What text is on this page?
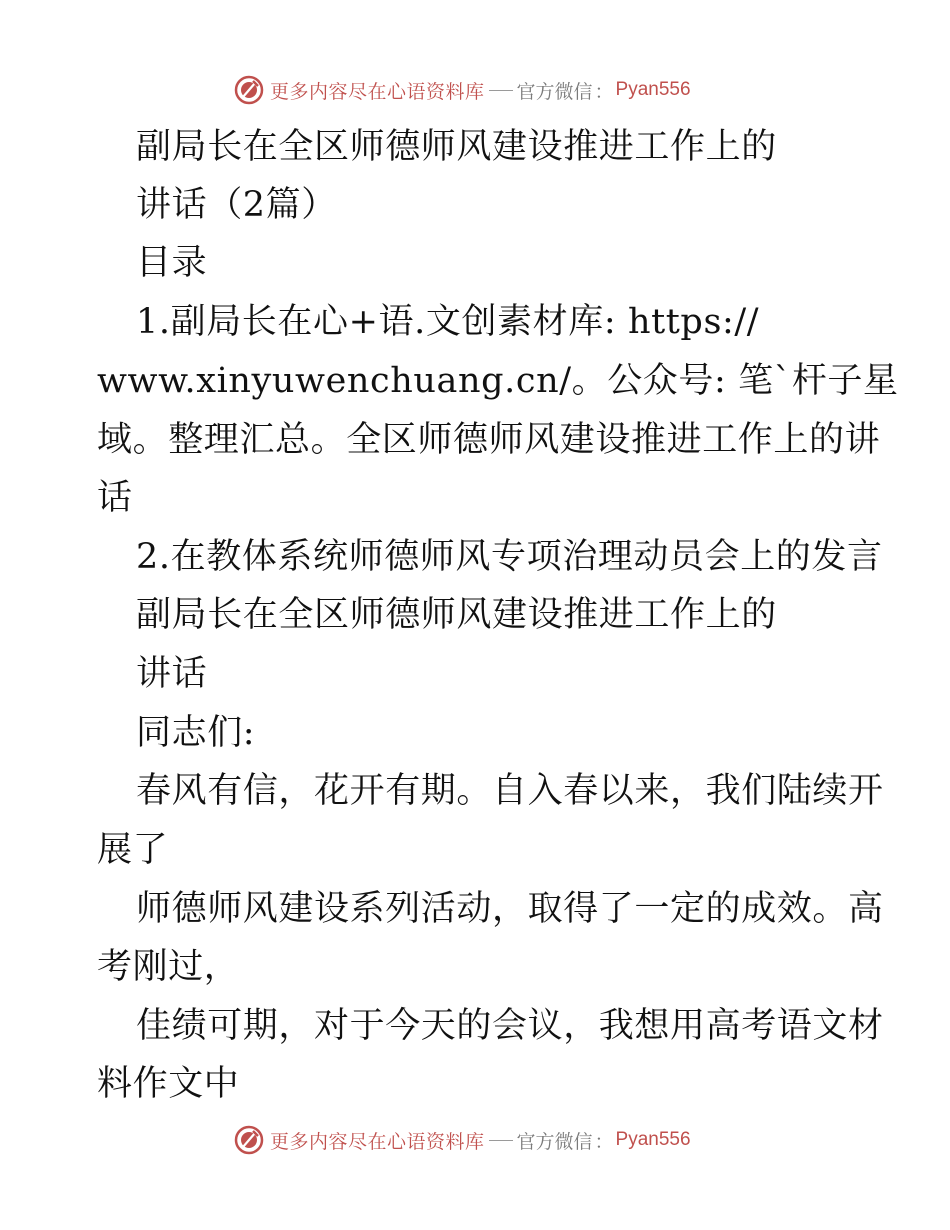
更多内容尽在心语资料库 官方微信 ： Pyan556
副局长在全区师德师风建设推进工作上的
讲话（2篇）
目录
1.副局长在心+语.文创素材库: https://
www.xinyuwenchuang.cn/。公众号: 笔`杆子星
域。整理汇总。全区师德师风建设推进工作上的讲
话
2.在教体系统师德师风专项治理动员会上的发言
副局长在全区师德师风建设推进工作上的
讲话
同志们:
春风有信，花开有期。自入春以来，我们陆续开
展了
师德师风建设系列活动，取得了一定的成效。高
考刚过，
佳绩可期，对于今天的会议，我想用高考语文材
料作文中
更多内容尽在心语资料库 官方微信 ： Pyan556
